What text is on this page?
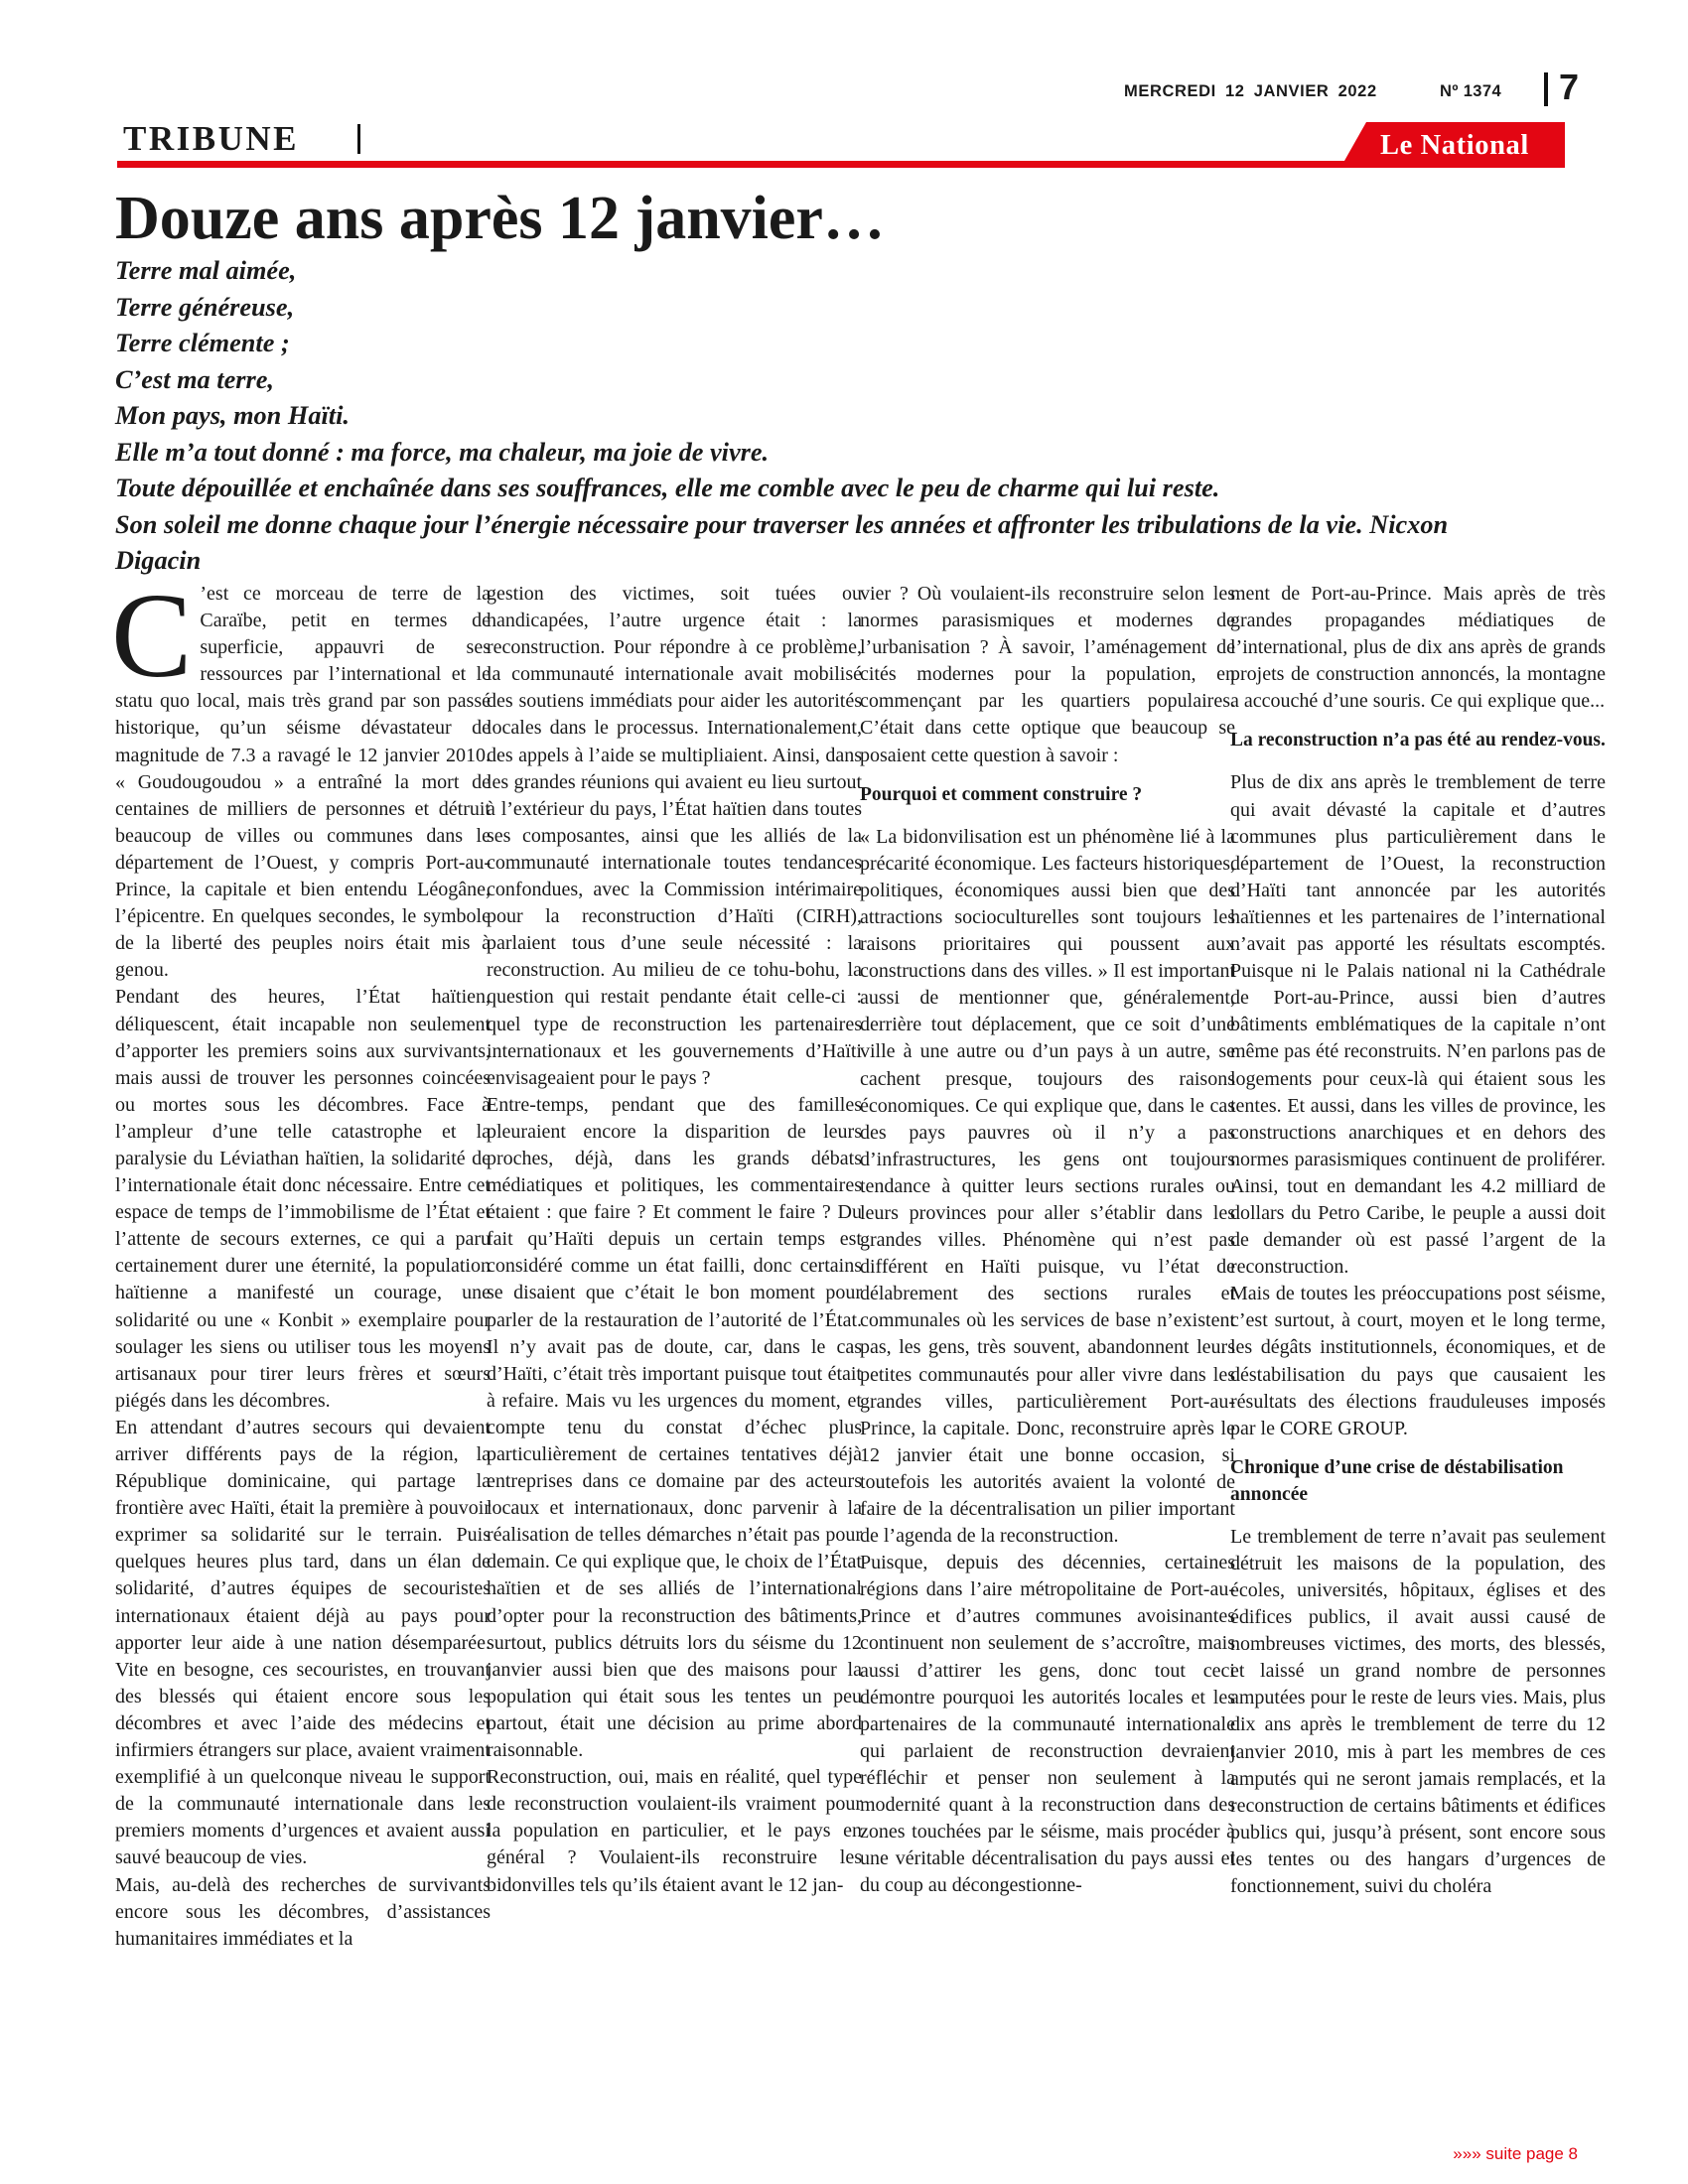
MERCREDI 12 JANVIER 2022	Nº 1374 7
TRIBUNE	Le National
Douze ans après 12 janvier…
Terre mal aimée,
Terre généreuse,
Terre clémente ;
C’est ma terre,
Mon pays, mon Haïti.
Elle m’a tout donné : ma force, ma chaleur, ma joie de vivre.
Toute dépouillée et enchaînée dans ses souffrances, elle me comble avec le peu de charme qui lui reste.
Son soleil me donne chaque jour l’énergie nécessaire pour traverser les années et affronter les tribulations de la vie. Nicxon
Digacin
C ’est ce morceau de terre de la Caraïbe, petit en termes de superficie, appauvri de ses ressources par l’international et le statu quo local, mais très grand par son passé historique, qu’un séisme dévastateur de magnitude de 7.3 a ravagé le 12 janvier 2010. « Goudougoudou » a entraîné la mort de centaines de milliers de personnes et détruit beaucoup de villes ou communes dans le département de l’Ouest, y compris Port-au-Prince, la capitale et bien entendu Léogâne, l’épicentre. En quelques secondes, le symbole de la liberté des peuples noirs était mis à genou.

Pendant des heures, l’État haïtien, déliquescent, était incapable non seulement d’apporter les premiers soins aux survivants, mais aussi de trouver les personnes coincées ou mortes sous les décombres. Face à l’ampleur d’une telle catastrophe et la paralysie du Léviathan haïtien, la solidarité de l’internationale était donc nécessaire. Entre cet espace de temps de l’immobilisme de l’État et l’attente de secours externes, ce qui a paru certainement durer une éternité, la population haïtienne a manifesté un courage, une solidarité ou une « Konbit » exemplaire pour soulager les siens ou utiliser tous les moyens artisanaux pour tirer leurs frères et sœurs piégés dans les décombres.

En attendant d’autres secours qui devaient arriver différents pays de la région, la République dominicaine, qui partage la frontière avec Haïti, était la première à pouvoir exprimer sa solidarité sur le terrain. Puis quelques heures plus tard, dans un élan de solidarité, d’autres équipes de secouristes internationaux étaient déjà au pays pour apporter leur aide à une nation désemparée. Vite en besogne, ces secouristes, en trouvant des blessés qui étaient encore sous les décombres et avec l’aide des médecins et infirmiers étrangers sur place, avaient vraiment exemplifié à un quelconque niveau le support de la communauté internationale dans les premiers moments d’urgences et avaient aussi sauvé beaucoup de vies.

Mais, au-delà des recherches de survivants encore sous les décombres, d’assistances humanitaires immédiates et la

gestion des victimes, soit tuées ou handicapées, l’autre urgence était : la reconstruction. Pour répondre à ce problème, la communauté internationale avait mobilisé des soutiens immédiats pour aider les autorités locales dans le processus. Internationalement, des appels à l’aide se multipliaient. Ainsi, dans les grandes réunions qui avaient eu lieu surtout à l’extérieur du pays, l’État haïtien dans toutes ses composantes, ainsi que les alliés de la communauté internationale toutes tendances confondues, avec la Commission intérimaire pour la reconstruction d’Haïti (CIRH), parlaient tous d’une seule nécessité : la reconstruction. Au milieu de ce tohu-bohu, la question qui restait pendante était celle-ci : quel type de reconstruction les partenaires internationaux et les gouvernements d’Haïti envisageaient pour le pays ?

Entre-temps, pendant que des familles pleuraient encore la disparition de leurs proches, déjà, dans les grands débats médiatiques et politiques, les commentaires étaient : que faire ? Et comment le faire ? Du fait qu’Haïti depuis un certain temps est considéré comme un état failli, donc certains se disaient que c’était le bon moment pour parler de la restauration de l’autorité de l’État. Il n’y avait pas de doute, car, dans le cas d’Haïti, c’était très important puisque tout était à refaire. Mais vu les urgences du moment, et compte tenu du constat d’échec plus particulièrement de certaines tentatives déjà entreprises dans ce domaine par des acteurs locaux et internationaux, donc parvenir à la réalisation de telles démarches n’était pas pour demain. Ce qui explique que, le choix de l’État haïtien et de ses alliés de l’international d’opter pour la reconstruction des bâtiments, surtout, publics détruits lors du séisme du 12 janvier aussi bien que des maisons pour la population qui était sous les tentes un peu partout, était une décision au prime abord raisonnable.

Reconstruction, oui, mais en réalité, quel type de reconstruction voulaient-ils vraiment pour la population en particulier, et le pays en général ? Voulaient-ils reconstruire les bidonvilles tels qu’ils étaient avant le 12 jan-

vier ? Où voulaient-ils reconstruire selon les normes parasismiques et modernes de l’urbanisation ? À savoir, l’aménagement de cités modernes pour la population, en commençant par les quartiers populaires. C’était dans cette optique que beaucoup se posaient cette question à savoir :

Pourquoi et comment construire ?

« La bidonvilisation est un phénomène lié à la précarité économique. Les facteurs historiques, politiques, économiques aussi bien que des attractions socioculturelles sont toujours les raisons prioritaires qui poussent aux constructions dans des villes. » Il est important aussi de mentionner que, généralement, derrière tout déplacement, que ce soit d’une ville à une autre ou d’un pays à un autre, se cachent presque, toujours des raisons économiques. Ce qui explique que, dans le cas des pays pauvres où il n’y a pas d’infrastructures, les gens ont toujours tendance à quitter leurs sections rurales ou leurs provinces pour aller s’établir dans les grandes villes. Phénomène qui n’est pas différent en Haïti puisque, vu l’état de délabrement des sections rurales et communales où les services de base n’existent pas, les gens, très souvent, abandonnent leurs petites communautés pour aller vivre dans les grandes villes, particulièrement Port-au-Prince, la capitale. Donc, reconstruire après le 12 janvier était une bonne occasion, si toutefois les autorités avaient la volonté de faire de la décentralisation un pilier important de l’agenda de la reconstruction.

Puisque, depuis des décennies, certaines régions dans l’aire métropolitaine de Port-au-Prince et d’autres communes avoisinantes continuent non seulement de s’accroître, mais aussi d’attirer les gens, donc tout ceci démontre pourquoi les autorités locales et les partenaires de la communauté internationale qui parlaient de reconstruction devraient réfléchir et penser non seulement à la modernité quant à la reconstruction dans des zones touchées par le séisme, mais procéder à une véritable décentralisation du pays aussi et du coup au décongestionne-

ment de Port-au-Prince. Mais après de très grandes propagandes médiatiques de l’international, plus de dix ans après de grands projets de construction annoncés, la montagne a accouché d’une souris. Ce qui explique que...

La reconstruction n’a pas été au rendez-vous.

Plus de dix ans après le tremblement de terre qui avait dévasté la capitale et d’autres communes plus particulièrement dans le département de l’Ouest, la reconstruction d’Haïti tant annoncée par les autorités haïtiennes et les partenaires de l’international n’avait pas apporté les résultats escomptés. Puisque ni le Palais national ni la Cathédrale de Port-au-Prince, aussi bien d’autres bâtiments emblématiques de la capitale n’ont même pas été reconstruits. N’en parlons pas de logements pour ceux-là qui étaient sous les tentes. Et aussi, dans les villes de province, les constructions anarchiques et en dehors des normes parasismiques continuent de proliférer. Ainsi, tout en demandant les 4.2 milliard de dollars du Petro Caribe, le peuple a aussi doit de demander où est passé l’argent de la reconstruction.

Mais de toutes les préoccupations post séisme, c’est surtout, à court, moyen et le long terme, les dégâts institutionnels, économiques, et de déstabilisation du pays que causaient les résultats des élections frauduleuses imposés par le CORE GROUP.

Chronique d’une crise de déstabilisation annoncée

Le tremblement de terre n’avait pas seulement détruit les maisons de la population, des écoles, universités, hôpitaux, églises et des édifices publics, il avait aussi causé de nombreuses victimes, des morts, des blessés, et laissé un grand nombre de personnes amputées pour le reste de leurs vies. Mais, plus dix ans après le tremblement de terre du 12 janvier 2010, mis à part les membres de ces amputés qui ne seront jamais remplacés, et la reconstruction de certains bâtiments et édifices publics qui, jusqu’à présent, sont encore sous les tentes ou des hangars d’urgences de fonctionnement, suivi du choléra

»»» suite page 8
